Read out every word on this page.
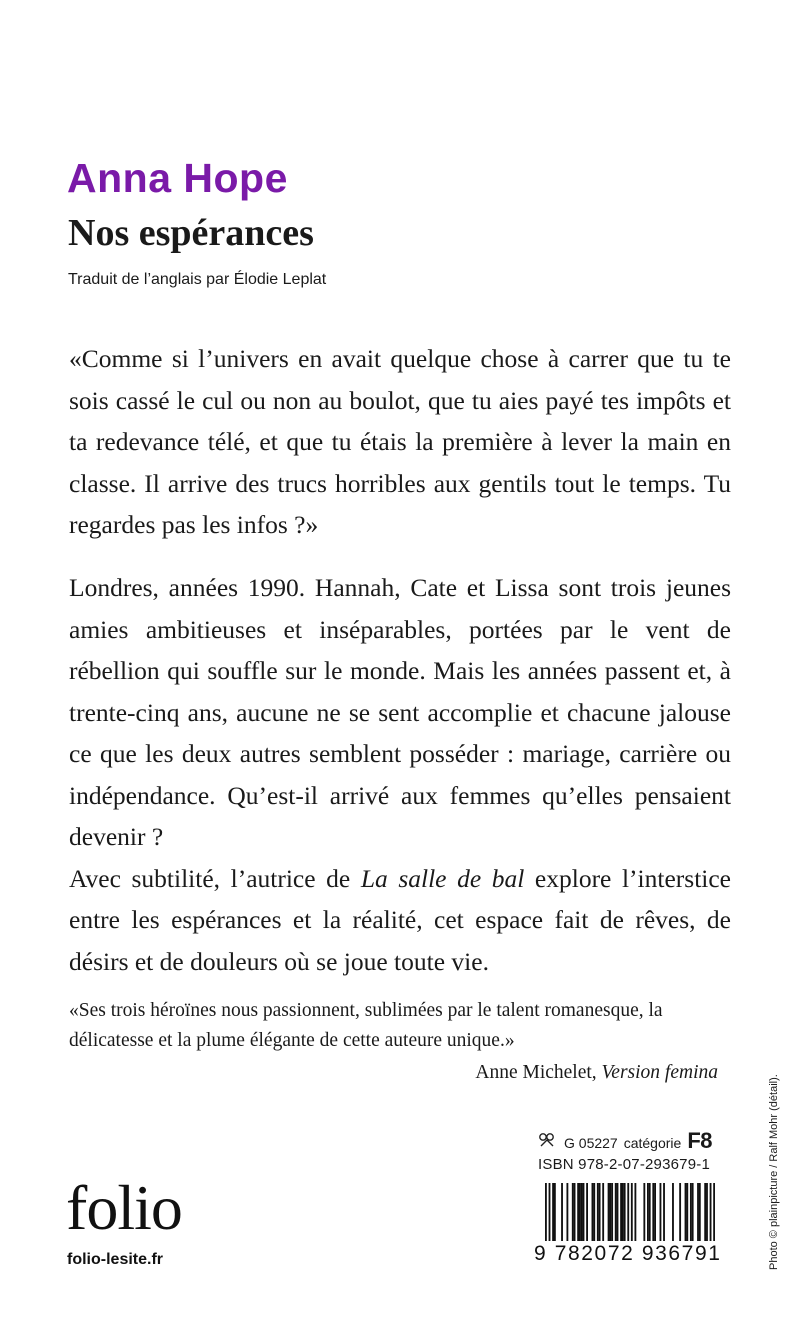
Anna Hope
Nos espérances
Traduit de l’anglais par Élodie Leplat

«Comme si l’univers en avait quelque chose à carrer que tu te sois cassé le cul ou non au boulot, que tu aies payé tes impôts et ta redevance télé, et que tu étais la première à lever la main en classe. Il arrive des trucs horribles aux gentils tout le temps. Tu regardes pas les infos ?»

Londres, années 1990. Hannah, Cate et Lissa sont trois jeunes amies ambitieuses et inséparables, portées par le vent de rébellion qui souffle sur le monde. Mais les années passent et, à trente-cinq ans, aucune ne se sent accomplie et chacune jalouse ce que les deux autres semblent posséder : mariage, carrière ou indépendance. Qu’est-il arrivé aux femmes qu’elles pensaient devenir ?

Avec subtilité, l’autrice de La salle de bal explore l’interstice entre les espérances et la réalité, cet espace fait de rêves, de désirs et de douleurs où se joue toute vie.

«Ses trois héroïnes nous passionnent, sublimées par le talent romanesque, la délicatesse et la plume élégante de cette auteure unique.»

Anne Michelet, Version femina
Photo © plainpicture / Ralf Mohr (détail).
folio
folio-lesite.fr
G 05227 catégorie F8
ISBN 978-2-07-293679-1
9 782072 936791
